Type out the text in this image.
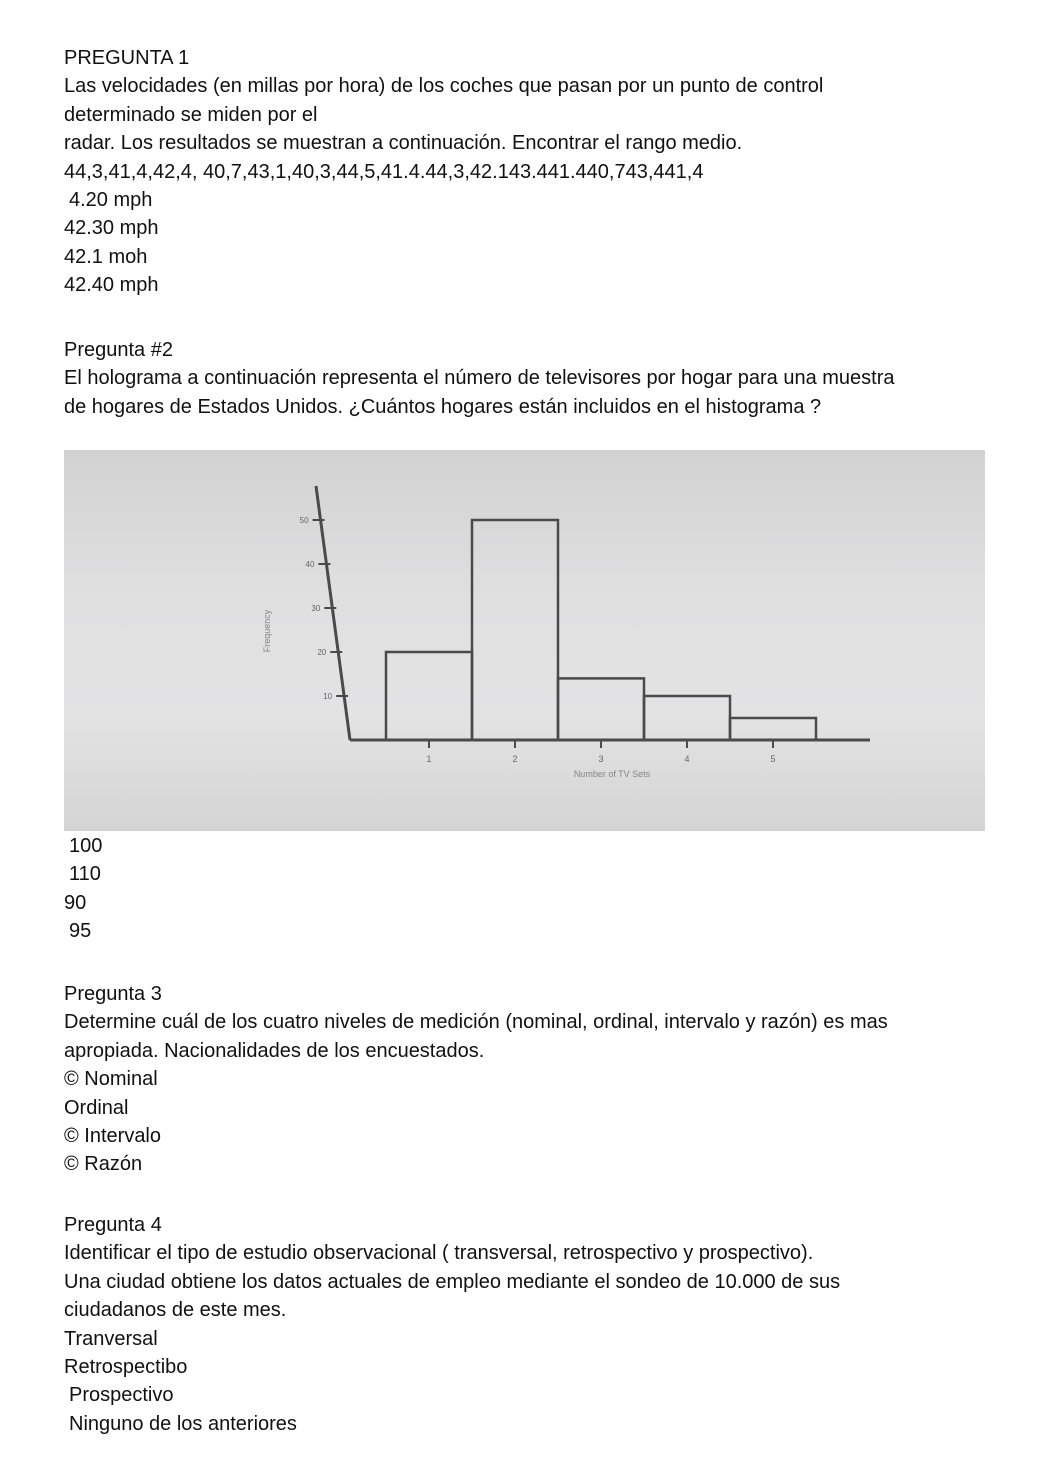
PREGUNTA 1
Las velocidades (en millas por hora) de los coches que pasan por un punto de control
determinado se miden por el
radar. Los resultados se muestran a continuación. Encontrar el rango medio.
44,3,41,4,42,4, 40,7,43,1,40,3,44,5,41.4.44,3,42.143.441.440,743,441,4
4.20 mph
42.30 mph
42.1 moh
42.40 mph
Pregunta #2
El holograma a continuación representa el número de televisores por hogar para una muestra
de hogares de Estados Unidos. ¿Cuántos hogares están incluidos en el histograma ?
10
20
30
40
50
1	2	3	4	5
Frequency
Number of TV Sets
100
110
90
95
Pregunta 3
Determine cuál de los cuatro niveles de medición (nominal, ordinal, intervalo y razón) es mas
apropiada. Nacionalidades de los encuestados.
© Nominal
Ordinal
© Intervalo
© Razón
Pregunta 4
Identificar el tipo de estudio observacional ( transversal, retrospectivo y prospectivo).
Una ciudad obtiene los datos actuales de empleo mediante el sondeo de 10.000 de sus
ciudadanos de este mes.
Tranversal
Retrospectibo
Prospectivo
Ninguno de los anteriores
